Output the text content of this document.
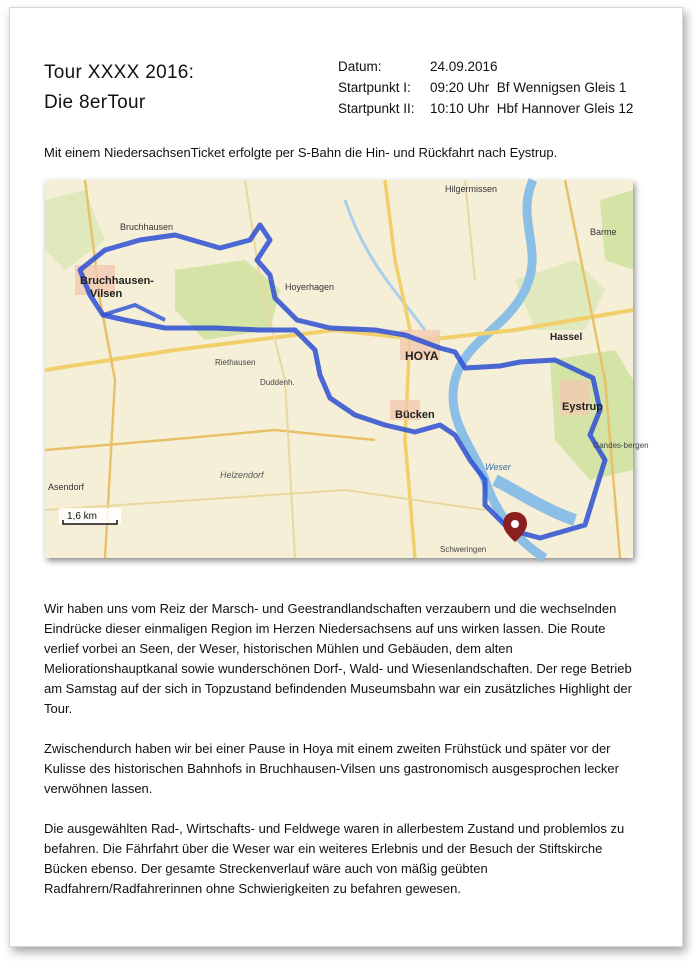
Tour XXXX 2016:
Die 8erTour
Datum:	24.09.2016
Startpunkt I:	09:20 Uhr  Bf Wennigsen Gleis 1
Startpunkt II:	10:10 Uhr  Hbf Hannover Gleis 12
Mit einem NiedersachsenTicket erfolgte per S-Bahn die Hin- und Rückfahrt nach Eystrup.
Bruchhausen-
Vilsen
Bruchhausen
HOYA
Bücken
Eystrup
Hassel
Hoyerhagen
Hilgermissen
Asendorf
Duddenh.
Schweringen
Riethausen
Helzendorf
Barme
Gandes-bergen
Weser
1,6 km

Wir haben uns vom Reiz der Marsch- und Geestrandlandschaften verzaubern und die wechselnden Eindrücke dieser einmaligen Region im Herzen Niedersachsens auf uns wirken lassen. Die Route verlief vorbei an Seen, der Weser, historischen Mühlen und Gebäuden, dem alten Meliorationshauptkanal sowie wunderschönen Dorf-, Wald- und Wiesenlandschaften. Der rege Betrieb am Samstag auf der sich in Topzustand befindenden Museumsbahn war ein zusätzliches Highlight der Tour.

Zwischendurch haben wir bei einer Pause in Hoya mit einem zweiten Frühstück und später vor der Kulisse des historischen Bahnhofs in Bruchhausen-Vilsen uns gastronomisch ausgesprochen lecker verwöhnen lassen.

Die ausgewählten Rad-, Wirtschafts- und Feldwege waren in allerbestem Zustand und problemlos zu befahren. Die Fährfahrt über die Weser war ein weiteres Erlebnis und der Besuch der Stiftskirche Bücken ebenso. Der gesamte Streckenverlauf wäre auch von mäßig geübten Radfahrern/Radfahrerinnen ohne Schwierigkeiten zu befahren gewesen.
